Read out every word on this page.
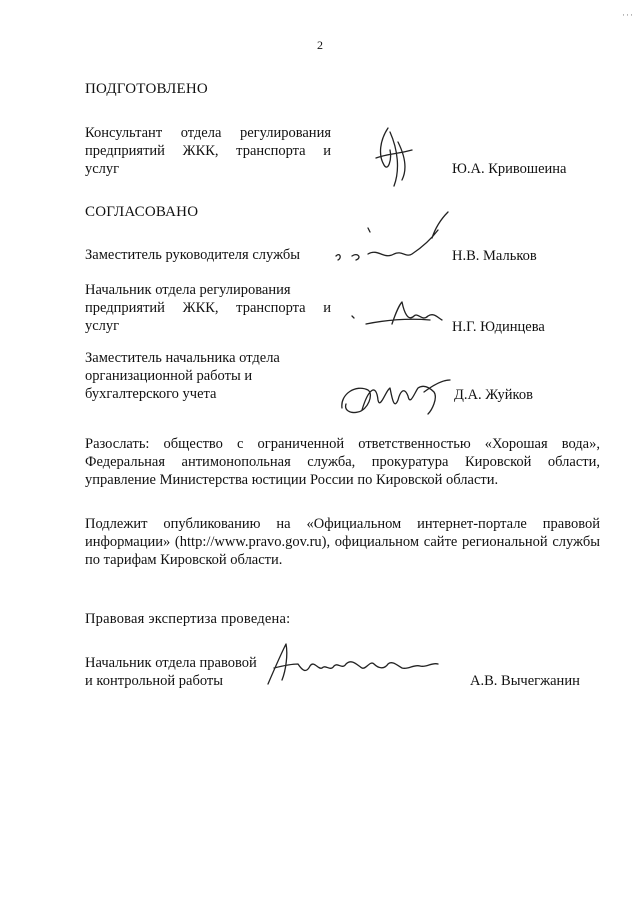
···
2
ПОДГОТОВЛЕНО
Консультант отдела регулирования
предприятий ЖКК, транспорта и
услуг	Ю.А. Кривошеина
СОГЛАСОВАНО
Заместитель руководителя службы	Н.В. Мальков
Начальник отдела регулирования
предприятий ЖКК, транспорта и
услуг	Н.Г. Юдинцева
Заместитель начальника отдела
организационной работы и
бухгалтерского учета	Д.А. Жуйков
Разослать: общество с ограниченной ответственностью «Хорошая вода», Федеральная антимонопольная служба, прокуратура Кировской области, управление Министерства юстиции России по Кировской области.
Подлежит опубликованию на «Официальном интернет-портале правовой информации» (http://www.pravo.gov.ru), официальном сайте региональной службы по тарифам Кировской области.
Правовая экспертиза проведена:
Начальник отдела правовой
и контрольной работы	А.В. Вычегжанин
